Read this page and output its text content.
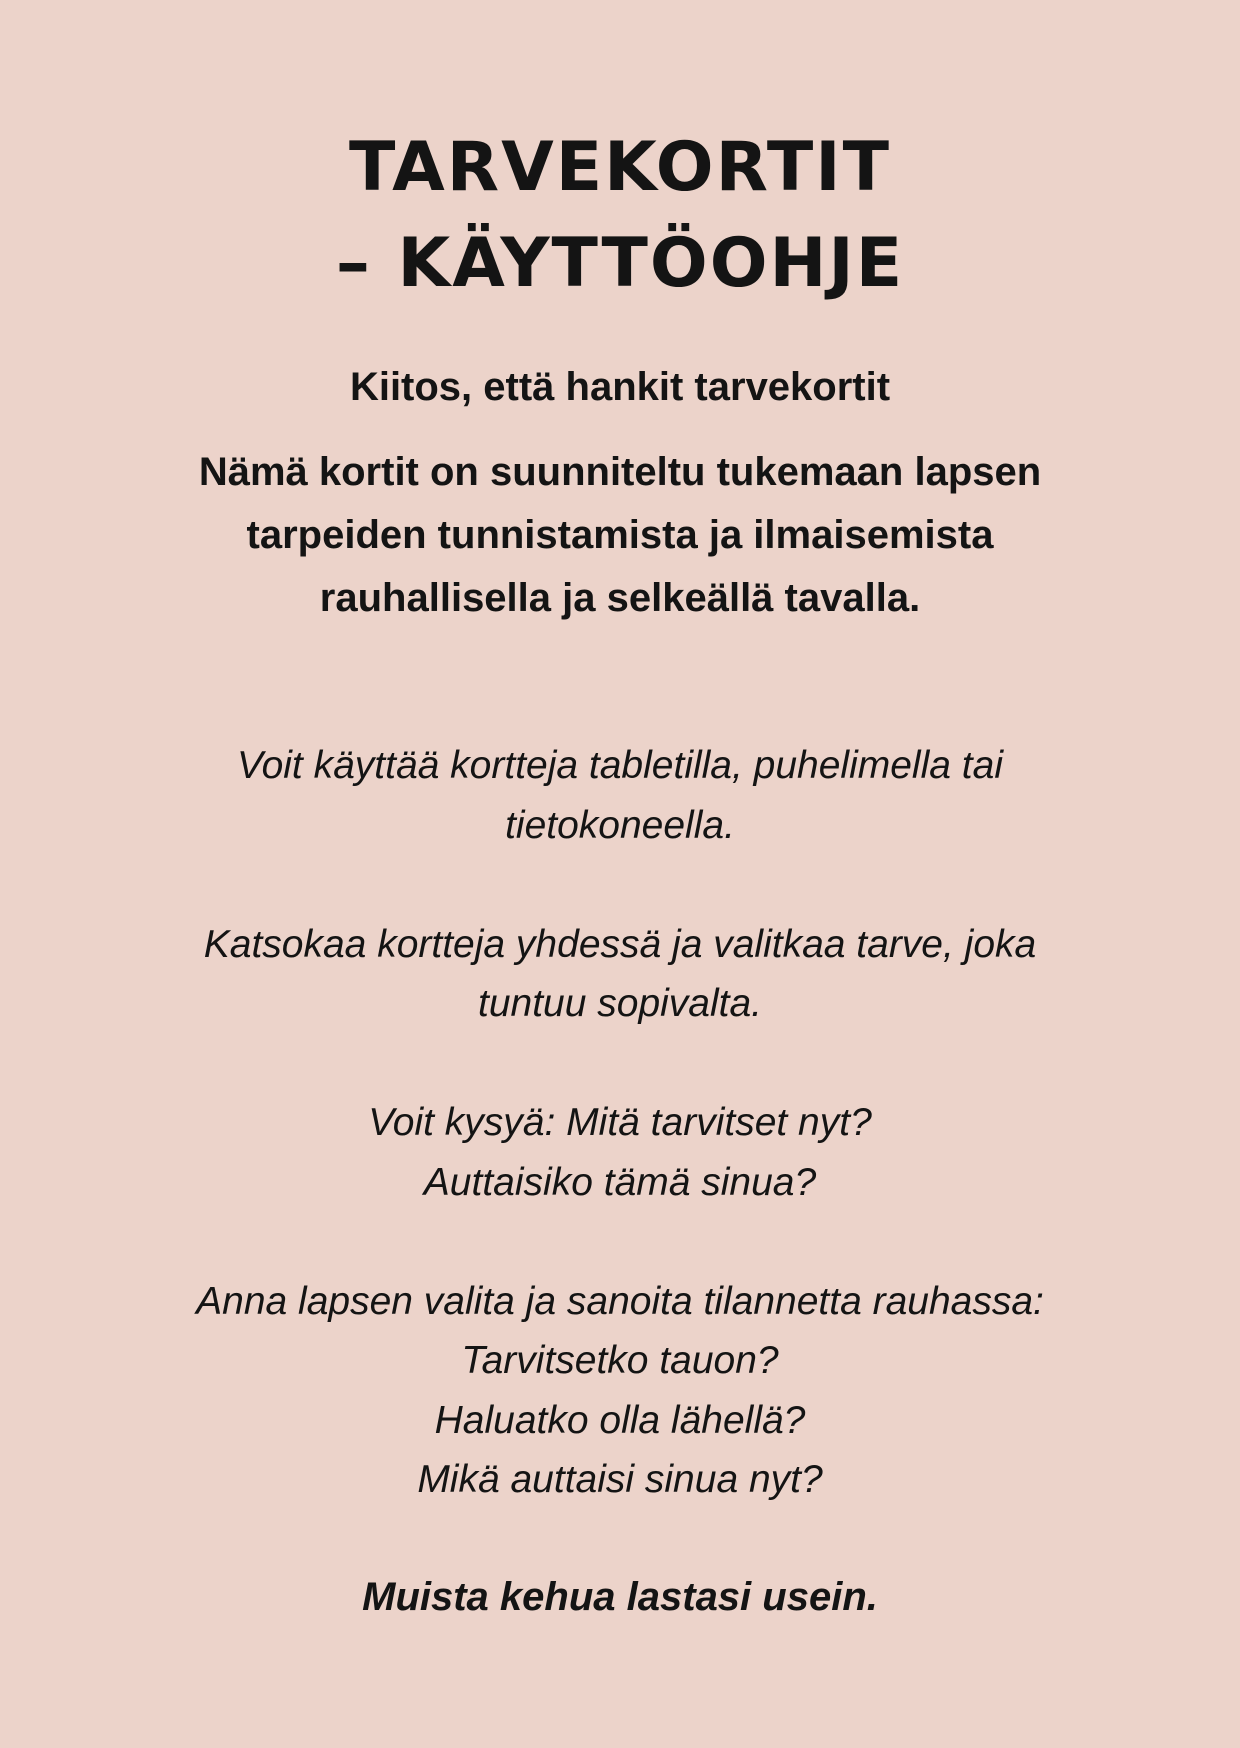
TARVEKORTIT
– KÄYTTÖOHJE
Kiitos, että hankit tarvekortit

Nämä kortit on suunniteltu tukemaan lapsen tarpeiden tunnistamista ja ilmaisemista rauhallisella ja selkeällä tavalla.

Voit käyttää kortteja tabletilla, puhelimella tai

tietokoneella.

Katsokaa kortteja yhdessä ja valitkaa tarve, joka

tuntuu sopivalta.

Voit kysyä: Mitä tarvitset nyt?

Auttaisiko tämä sinua?

Anna lapsen valita ja sanoita tilannetta rauhassa:

Tarvitsetko tauon?

Haluatko olla lähellä?

Mikä auttaisi sinua nyt?

Muista kehua lastasi usein.
